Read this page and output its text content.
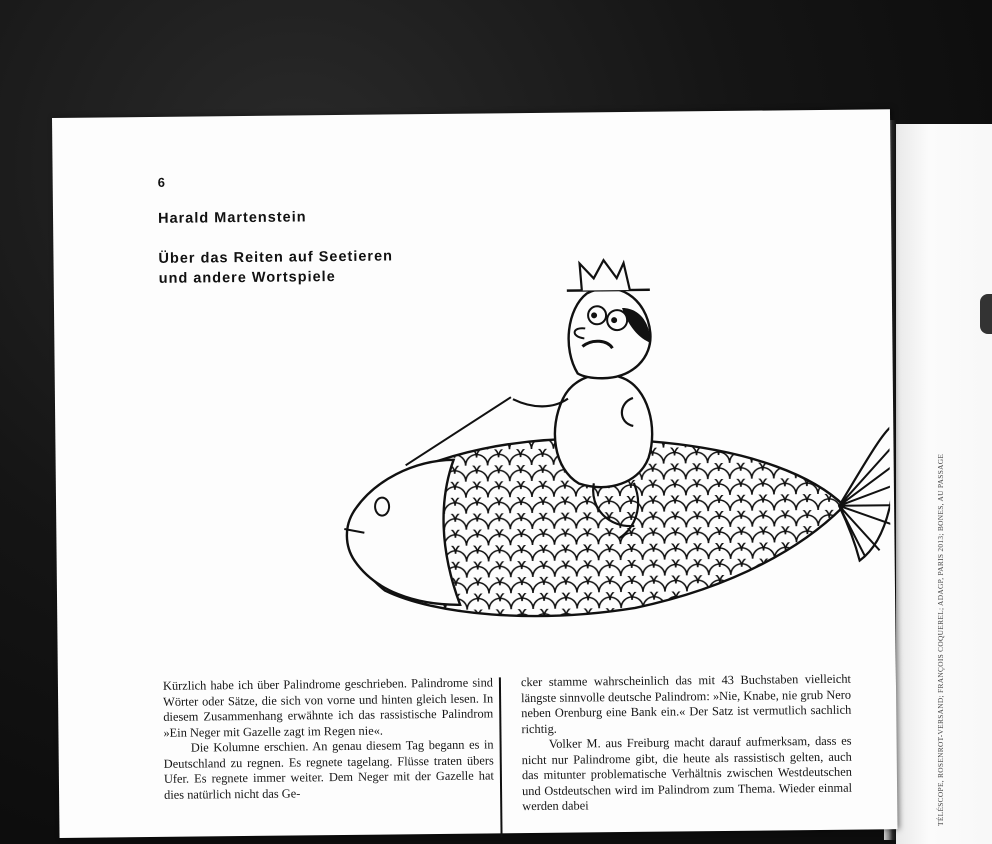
TÉLÉSCOPE, ROSENROT-VERSAND; FRANÇOIS COQUEREL; ADAGP, PARIS 2013; BONES, AU PASSAGE
6
Harald Martenstein
Über das Reiten auf Seetieren
und andere Wortspiele

Kürzlich habe ich über Palindrome geschrieben. Palindrome sind Wörter oder Sätze, die sich von vorne und hinten gleich lesen. In diesem Zusammenhang erwähnte ich das rassistische Palindrom »Ein Neger mit Gazelle zagt im Regen nie«.

Die Kolumne erschien. An genau diesem Tag begann es in Deutschland zu regnen. Es regnete tagelang. Flüsse traten übers Ufer. Es regnete immer weiter. Dem Neger mit der Gazelle hat dies natürlich nicht das Ge-

cker stamme wahrscheinlich das mit 43 Buchstaben vielleicht längste sinnvolle deutsche Palindrom: »Nie, Knabe, nie grub Nero neben Orenburg eine Bank ein.« Der Satz ist vermutlich sachlich richtig.

Volker M. aus Freiburg macht darauf aufmerksam, dass es nicht nur Palindrome gibt, die heute als rassistisch gelten, auch das mitunter problematische Verhältnis zwischen Westdeutschen und Ostdeutschen wird im Palindrom zum Thema. Wieder einmal werden dabei
